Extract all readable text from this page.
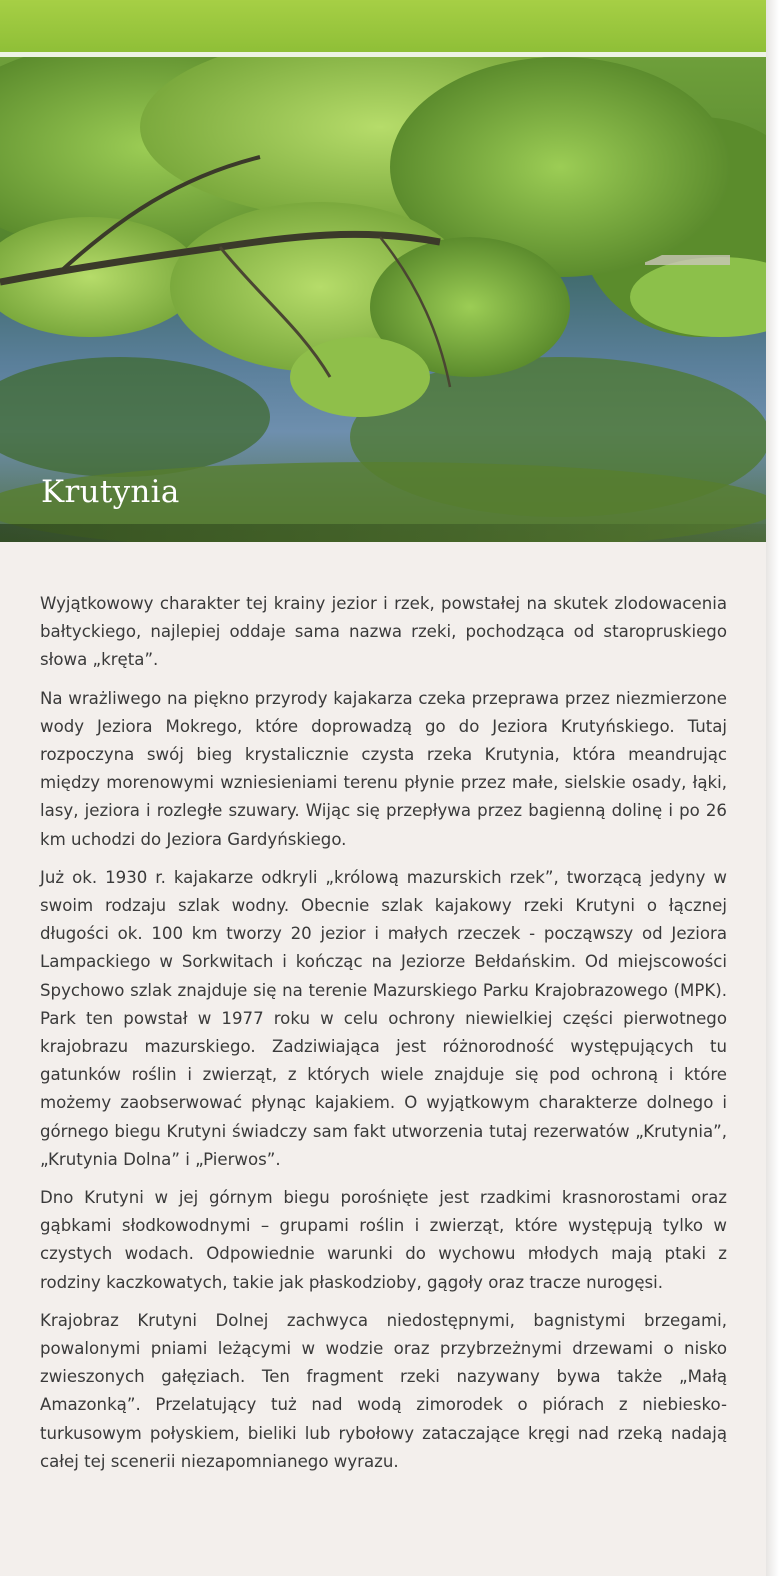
Krutynia

Wyjątkowowy charakter tej krainy jezior i rzek, powstałej na skutek zlodowacenia bałtyckiego, najlepiej oddaje sama nazwa rzeki, pochodząca od staropruskiego słowa „kręta”.

Na wrażliwego na piękno przyrody kajakarza czeka przeprawa przez niezmierzone wody Jeziora Mokrego, które doprowadzą go do Jeziora Krutyńskiego. Tutaj rozpoczyna swój bieg krystalicznie czysta rzeka Krutynia, która meandrując między morenowymi wzniesieniami terenu płynie przez małe, sielskie osady, łąki, lasy, jeziora i rozległe szuwary. Wijąc się przepływa przez bagienną dolinę i po 26 km uchodzi do Jeziora Gardyńskiego.

Już ok. 1930 r. kajakarze odkryli „królową mazurskich rzek”, tworzącą jedyny w swoim rodzaju szlak wodny. Obecnie szlak kajakowy rzeki Krutyni o łącznej długości ok. 100 km tworzy 20 jezior i małych rzeczek - począwszy od Jeziora Lampackiego w Sorkwitach i kończąc na Jeziorze Bełdańskim. Od miejscowości Spychowo szlak znajduje się na terenie Mazurskiego Parku Krajobrazowego (MPK). Park ten powstał w 1977 roku w celu ochrony niewielkiej części pierwotnego krajobrazu mazurskiego. Zadziwiająca jest różnorodność występujących tu gatunków roślin i zwierząt, z których wiele znajduje się pod ochroną i które możemy zaobserwować płynąc kajakiem. O wyjątkowym charakterze dolnego i górnego biegu Krutyni świadczy sam fakt utworzenia tutaj rezerwatów „Krutynia”, „Krutynia Dolna” i „Pierwos”.

Dno Krutyni w jej górnym biegu porośnięte jest rzadkimi krasnorostami oraz gąbkami słodkowodnymi – grupami roślin i zwierząt, które występują tylko w czystych wodach. Odpowiednie warunki do wychowu młodych mają ptaki z rodziny kaczkowatych, takie jak płaskodzioby, gągoły oraz tracze nurogęsi.

Krajobraz Krutyni Dolnej zachwyca niedostępnymi, bagnistymi brzegami, powalonymi pniami leżącymi w wodzie oraz przybrzeżnymi drzewami o nisko zwieszonych gałęziach. Ten fragment rzeki nazywany bywa także „Małą Amazonką”. Przelatujący tuż nad wodą zimorodek o piórach z niebiesko-turkusowym połyskiem, bieliki lub rybołowy zataczające kręgi nad rzeką nadają całej tej scenerii niezapomnianego wyrazu.
